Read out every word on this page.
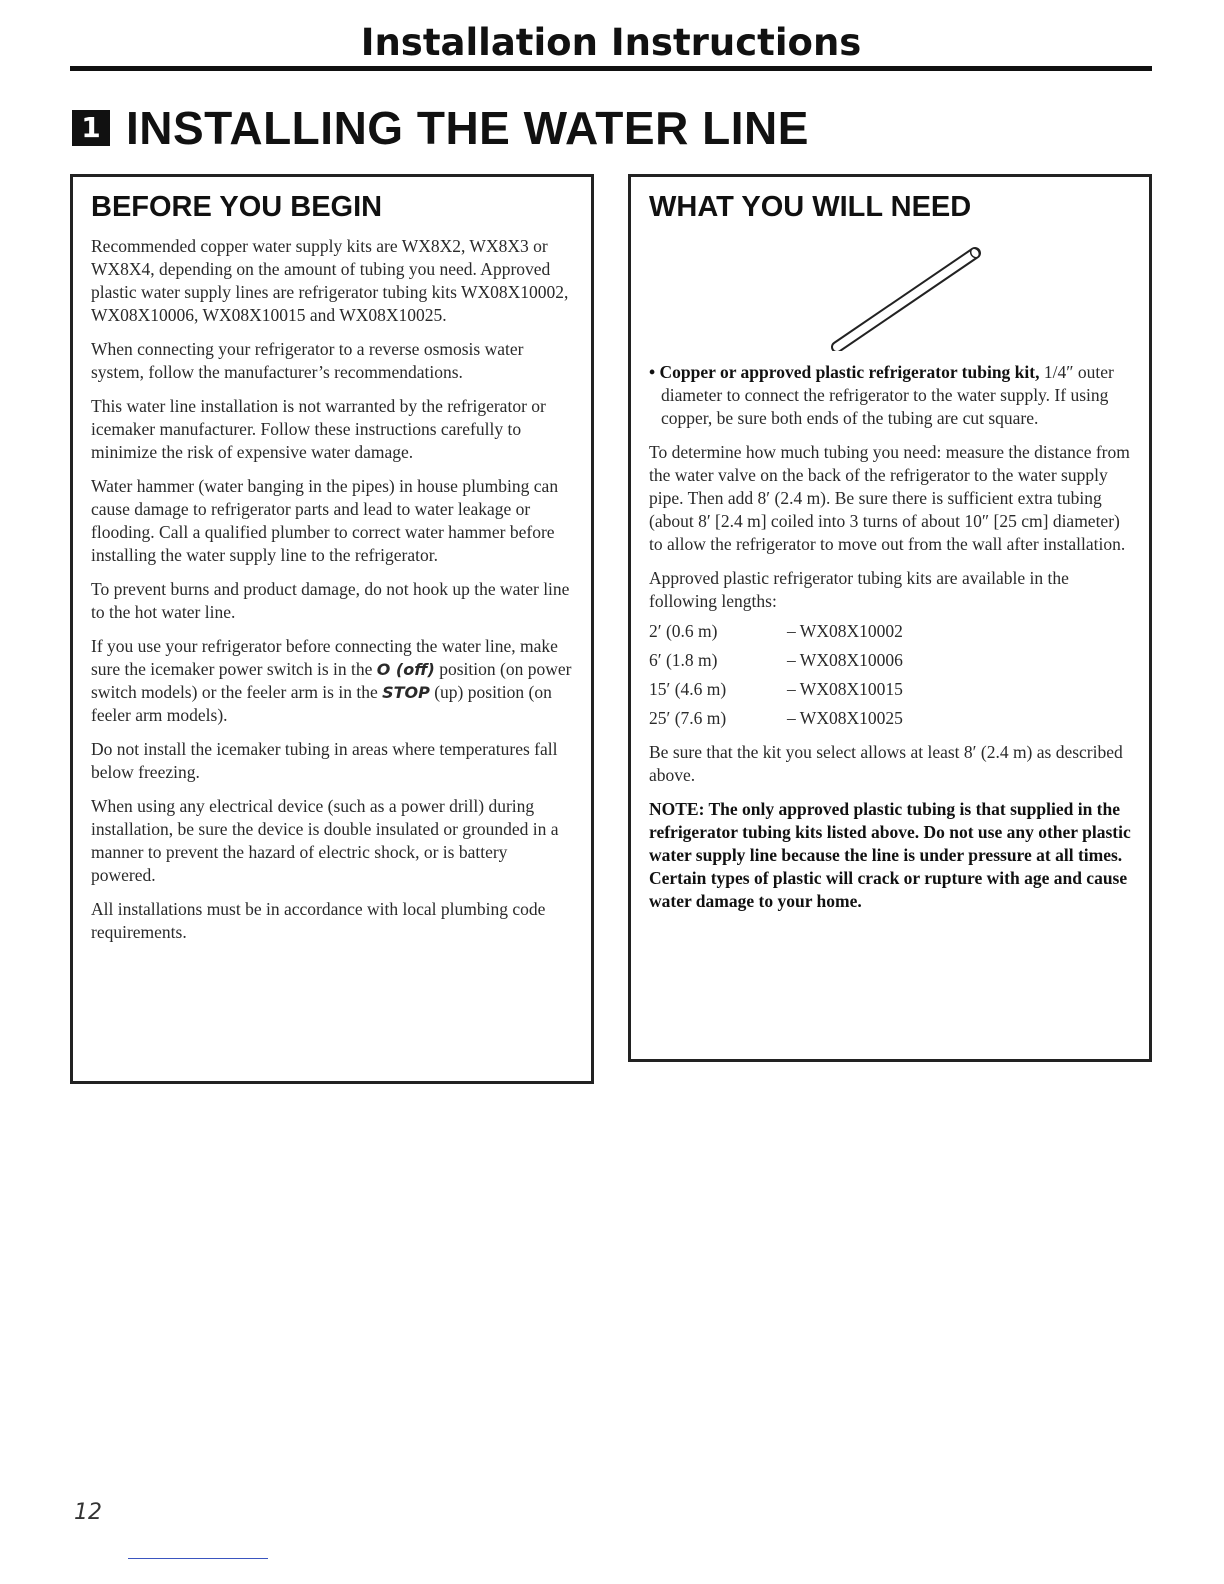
Installation Instructions
1 INSTALLING THE WATER LINE
BEFORE YOU BEGIN

Recommended copper water supply kits are WX8X2, WX8X3 or WX8X4, depending on the amount of tubing you need. Approved plastic water supply lines are refrigerator tubing kits WX08X10002, WX08X10006, WX08X10015 and WX08X10025.

When connecting your refrigerator to a reverse osmosis water system, follow the manufacturer’s recommendations.

This water line installation is not warranted by the refrigerator or icemaker manufacturer. Follow these instructions carefully to minimize the risk of expensive water damage.

Water hammer (water banging in the pipes) in house plumbing can cause damage to refrigerator parts and lead to water leakage or flooding. Call a qualified plumber to correct water hammer before installing the water supply line to the refrigerator.

To prevent burns and product damage, do not hook up the water line to the hot water line.

If you use your refrigerator before connecting the water line, make sure the icemaker power switch is in the O (off) position (on power switch models) or the feeler arm is in the STOP (up) position (on feeler arm models).

Do not install the icemaker tubing in areas where temperatures fall below freezing.

When using any electrical device (such as a power drill) during installation, be sure the device is double insulated or grounded in a manner to prevent the hazard of electric shock, or is battery powered.

All installations must be in accordance with local plumbing code requirements.

WHAT YOU WILL NEED

• Copper or approved plastic refrigerator tubing kit, 1/4″ outer diameter to connect the refrigerator to the water supply. If using copper, be sure both ends of the tubing are cut square.

To determine how much tubing you need: measure the distance from the water valve on the back of the refrigerator to the water supply pipe. Then add 8′ (2.4 m). Be sure there is sufficient extra tubing (about 8′ [2.4 m] coiled into 3 turns of about 10″ [25 cm] diameter) to allow the refrigerator to move out from the wall after installation.

Approved plastic refrigerator tubing kits are available in the following lengths:

2′ (0.6 m)	– WX08X10002
6′ (1.8 m)	– WX08X10006
15′ (4.6 m)	– WX08X10015
25′ (7.6 m)	– WX08X10025

Be sure that the kit you select allows at least 8′ (2.4 m) as described above.

NOTE: The only approved plastic tubing is that supplied in the refrigerator tubing kits listed above. Do not use any other plastic water supply line because the line is under pressure at all times. Certain types of plastic will crack or rupture with age and cause water damage to your home.

12
